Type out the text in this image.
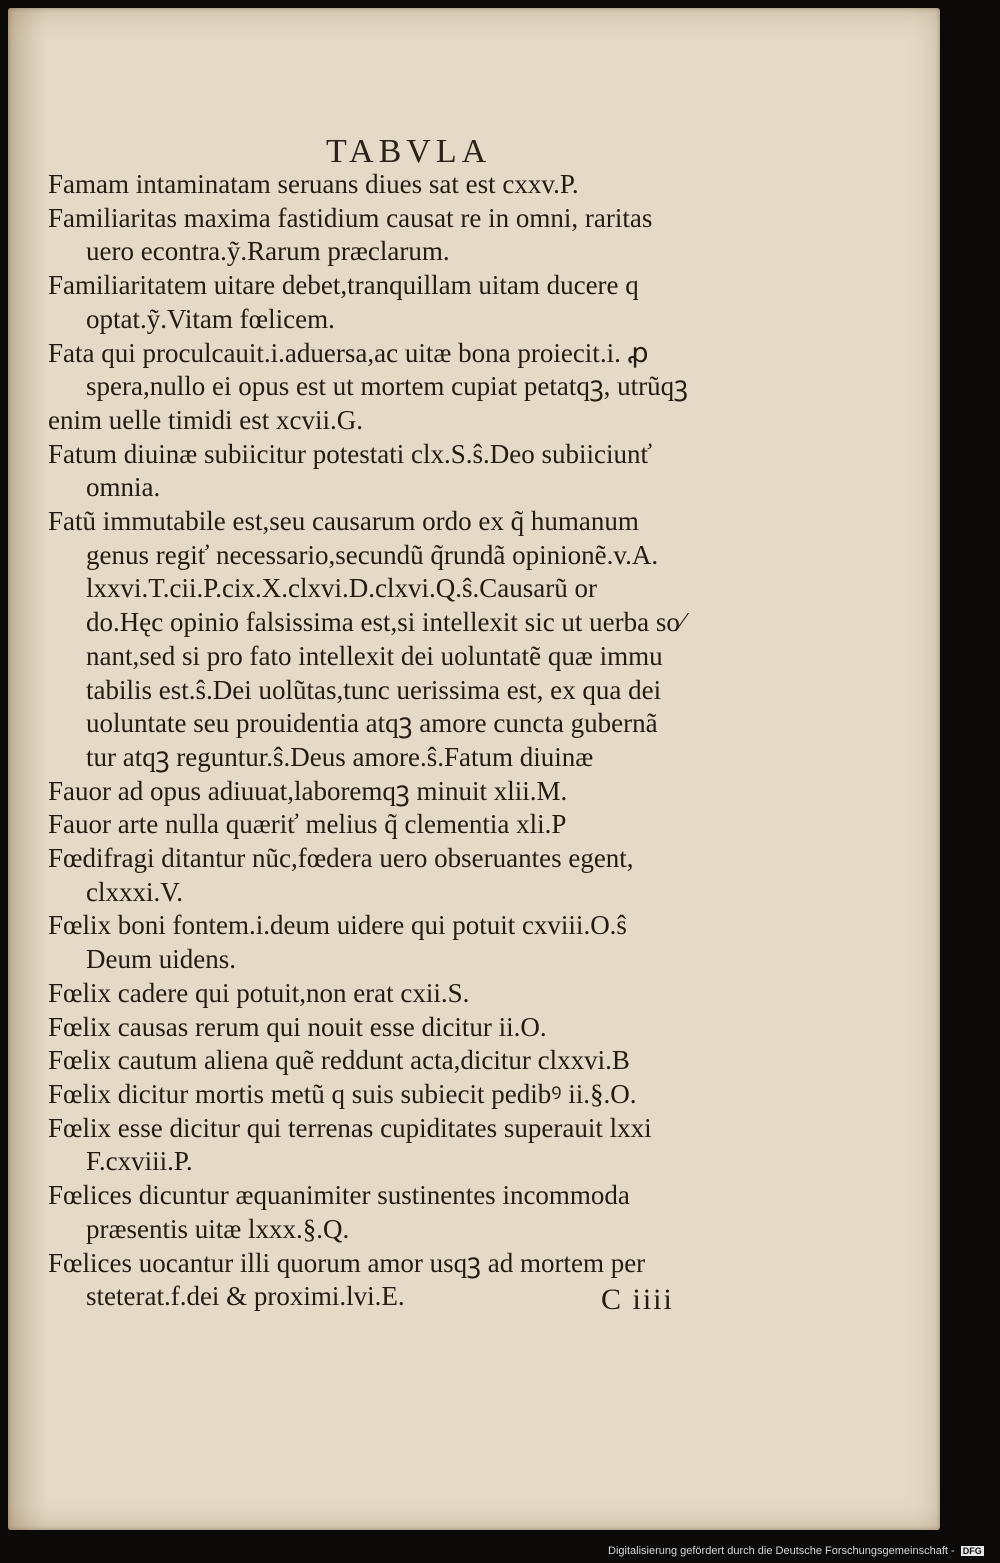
TABVLA
Famam intaminatam seruans diues sat est cxxv.P.
Familiaritas maxima fastidium causat re in omni, raritas
uero econtra.ỹ.Rarum præclarum.
Familiaritatem uitare debet,tranquillam uitam ducere q
optat.ỹ.Vitam fœlicem.
Fata qui proculcauit.i.aduersa,ac uitæ bona proiecit.i. ꝓ
spera,nullo ei opus est ut mortem cupiat petatqꝫ, utrũqꝫ
enim uelle timidi est xcvii.G.
Fatum diuinæ subiicitur potestati clx.S.ŝ.Deo subiiciunť
omnia.
Fatũ immutabile est,seu causarum ordo ex q̃ humanum
genus regiť necessario,secundũ q̃rundã opinionẽ.v.A.
lxxvi.T.cii.P.cix.X.clxvi.D.clxvi.Q.ŝ.Causarũ or
do.Hęc opinio falsissima est,si intellexit sic ut uerba so⁄
nant,sed si pro fato intellexit dei uoluntatẽ quæ immu
tabilis est.ŝ.Dei uolũtas,tunc uerissima est, ex qua dei
uoluntate seu prouidentia atqꝫ amore cuncta gubernã
tur atqꝫ reguntur.ŝ.Deus amore.ŝ.Fatum diuinæ
Fauor ad opus adiuuat,laboremqꝫ minuit xlii.M.
Fauor arte nulla quæriť melius q̃ clementia xli.P
Fœdifragi ditantur nũc,fœdera uero obseruantes egent,
clxxxi.V.
Fœlix boni fontem.i.deum uidere qui potuit cxviii.O.ŝ
Deum uidens.
Fœlix cadere qui potuit,non erat cxii.S.
Fœlix causas rerum qui nouit esse dicitur ii.O.
Fœlix cautum aliena quẽ reddunt acta,dicitur clxxvi.B
Fœlix dicitur mortis metũ q suis subiecit pedibꝰ ii.§.O.
Fœlix esse dicitur qui terrenas cupiditates superauit lxxi
F.cxviii.P.
Fœlices dicuntur æquanimiter sustinentes incommoda
præsentis uitæ lxxx.§.Q.
Fœlices uocantur illi quorum amor usqꝫ ad mortem per
steterat.f.dei & proximi.lvi.E.	C iiii
Digitalisierung gefördert durch die Deutsche Forschungsgemeinschaft - DFG
